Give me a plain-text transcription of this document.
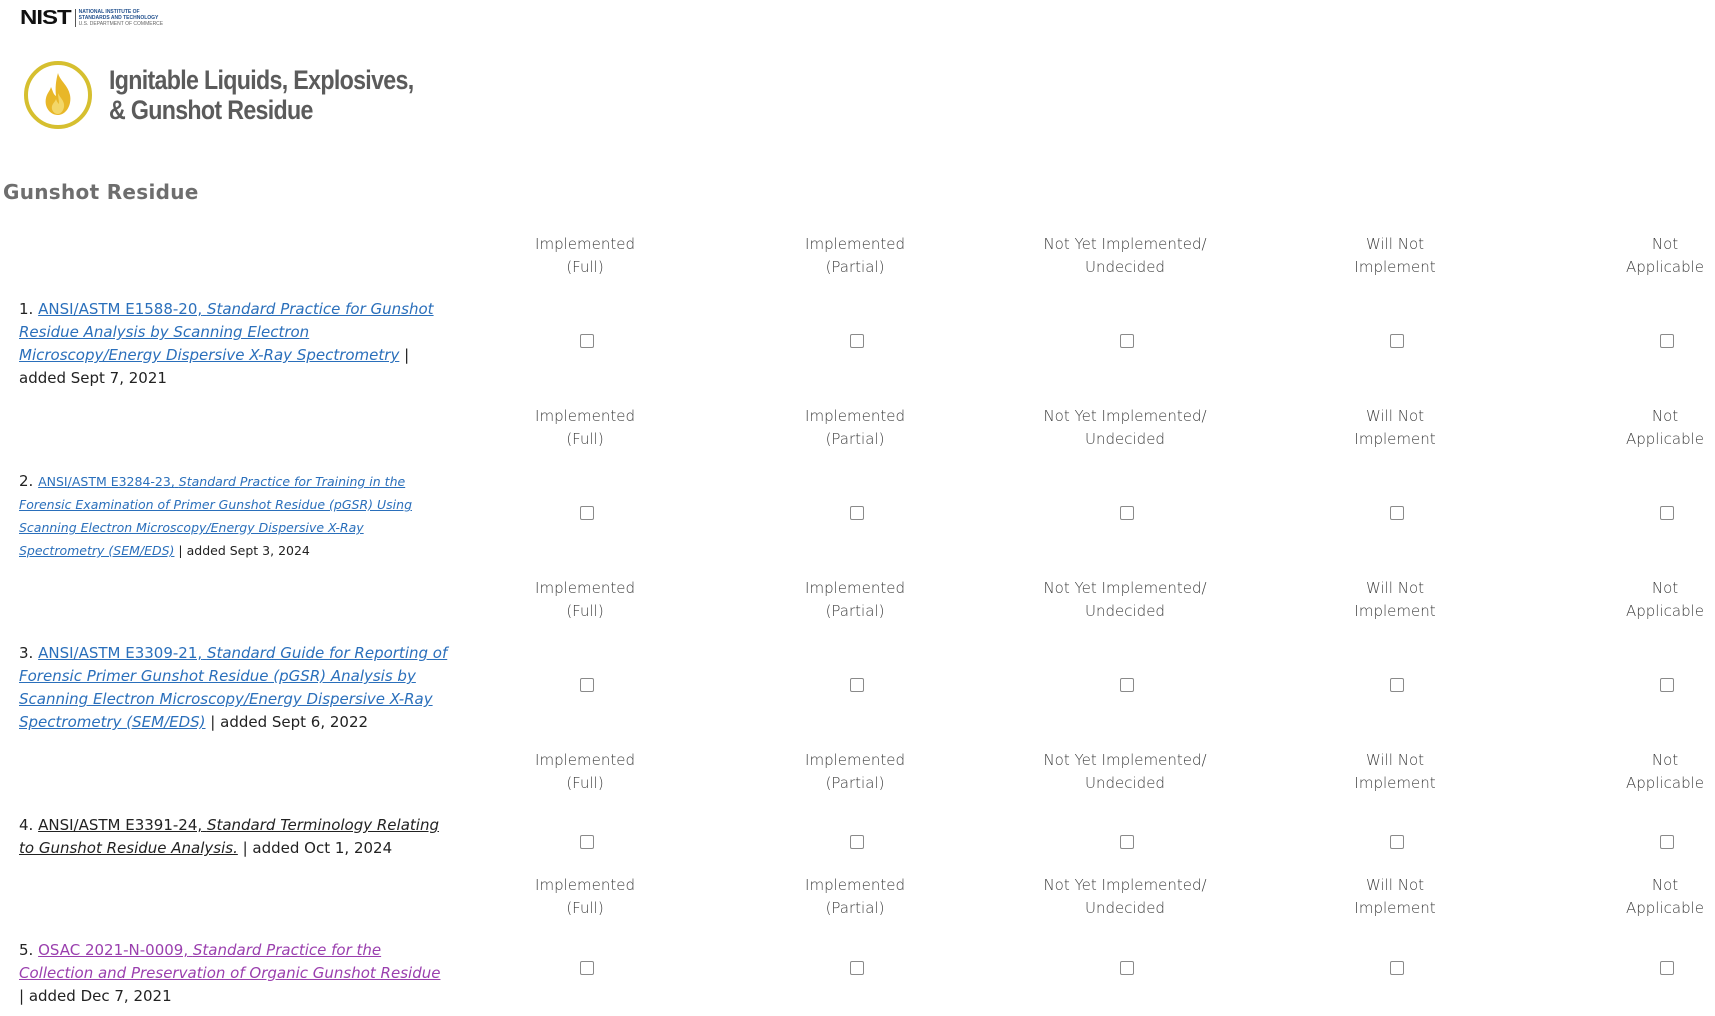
NIST NATIONAL INSTITUTE OF
STANDARDS AND TECHNOLOGY
U.S. DEPARTMENT OF COMMERCE
Ignitable Liquids, Explosives,
& Gunshot Residue
Gunshot Residue
Implemented
(Full)
Implemented
(Partial)
Not Yet Implemented/
Undecided
Will Not
Implement
Not
Applicable
1. ANSI/ASTM E1588-20, Standard Practice for Gunshot Residue Analysis by Scanning Electron Microscopy/Energy Dispersive X-Ray Spectrometry | added Sept 7, 2021
Implemented
(Full)
Implemented
(Partial)
Not Yet Implemented/
Undecided
Will Not
Implement
Not
Applicable
2. ANSI/ASTM E3284-23, Standard Practice for Training in the Forensic Examination of Primer Gunshot Residue (pGSR) Using Scanning Electron Microscopy/Energy Dispersive X-Ray Spectrometry (SEM/EDS) | added Sept 3, 2024
Implemented
(Full)
Implemented
(Partial)
Not Yet Implemented/
Undecided
Will Not
Implement
Not
Applicable
3. ANSI/ASTM E3309-21, Standard Guide for Reporting of Forensic Primer Gunshot Residue (pGSR) Analysis by Scanning Electron Microscopy/Energy Dispersive X-Ray Spectrometry (SEM/EDS) | added Sept 6, 2022
Implemented
(Full)
Implemented
(Partial)
Not Yet Implemented/
Undecided
Will Not
Implement
Not
Applicable
4. ANSI/ASTM E3391-24, Standard Terminology Relating to Gunshot Residue Analysis. | added Oct 1, 2024
Implemented
(Full)
Implemented
(Partial)
Not Yet Implemented/
Undecided
Will Not
Implement
Not
Applicable
5. OSAC 2021-N-0009, Standard Practice for the Collection and Preservation of Organic Gunshot Residue | added Dec 7, 2021
